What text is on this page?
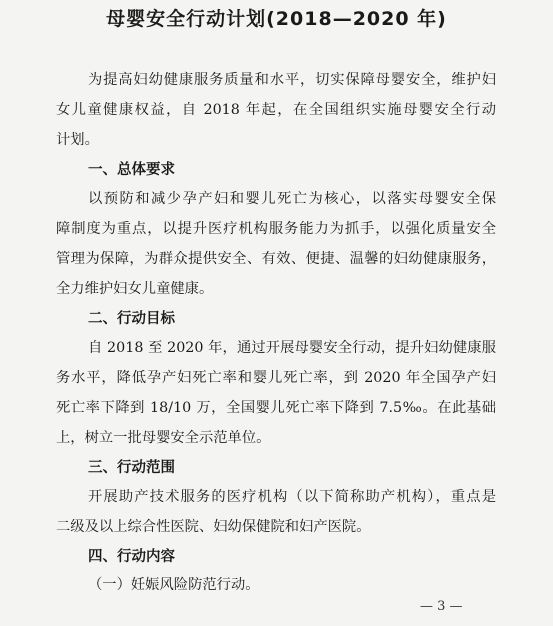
母婴安全行动计划(2018—2020 年)
为提高妇幼健康服务质量和水平，切实保障母婴安全，维护妇
女儿童健康权益，自 2018 年起，在全国组织实施母婴安全行动
计划。
一、总体要求
以预防和减少孕产妇和婴儿死亡为核心，以落实母婴安全保
障制度为重点，以提升医疗机构服务能力为抓手，以强化质量安全
管理为保障，为群众提供安全、有效、便捷、温馨的妇幼健康服务，
全力维护妇女儿童健康。
二、行动目标
自 2018 至 2020 年，通过开展母婴安全行动，提升妇幼健康服
务水平，降低孕产妇死亡率和婴儿死亡率，到 2020 年全国孕产妇
死亡率下降到 18/10 万，全国婴儿死亡率下降到 7.5‰。在此基础
上，树立一批母婴安全示范单位。
三、行动范围
开展助产技术服务的医疗机构（以下简称助产机构），重点是
二级及以上综合性医院、妇幼保健院和妇产医院。
四、行动内容
（一）妊娠风险防范行动。
— 3 —
